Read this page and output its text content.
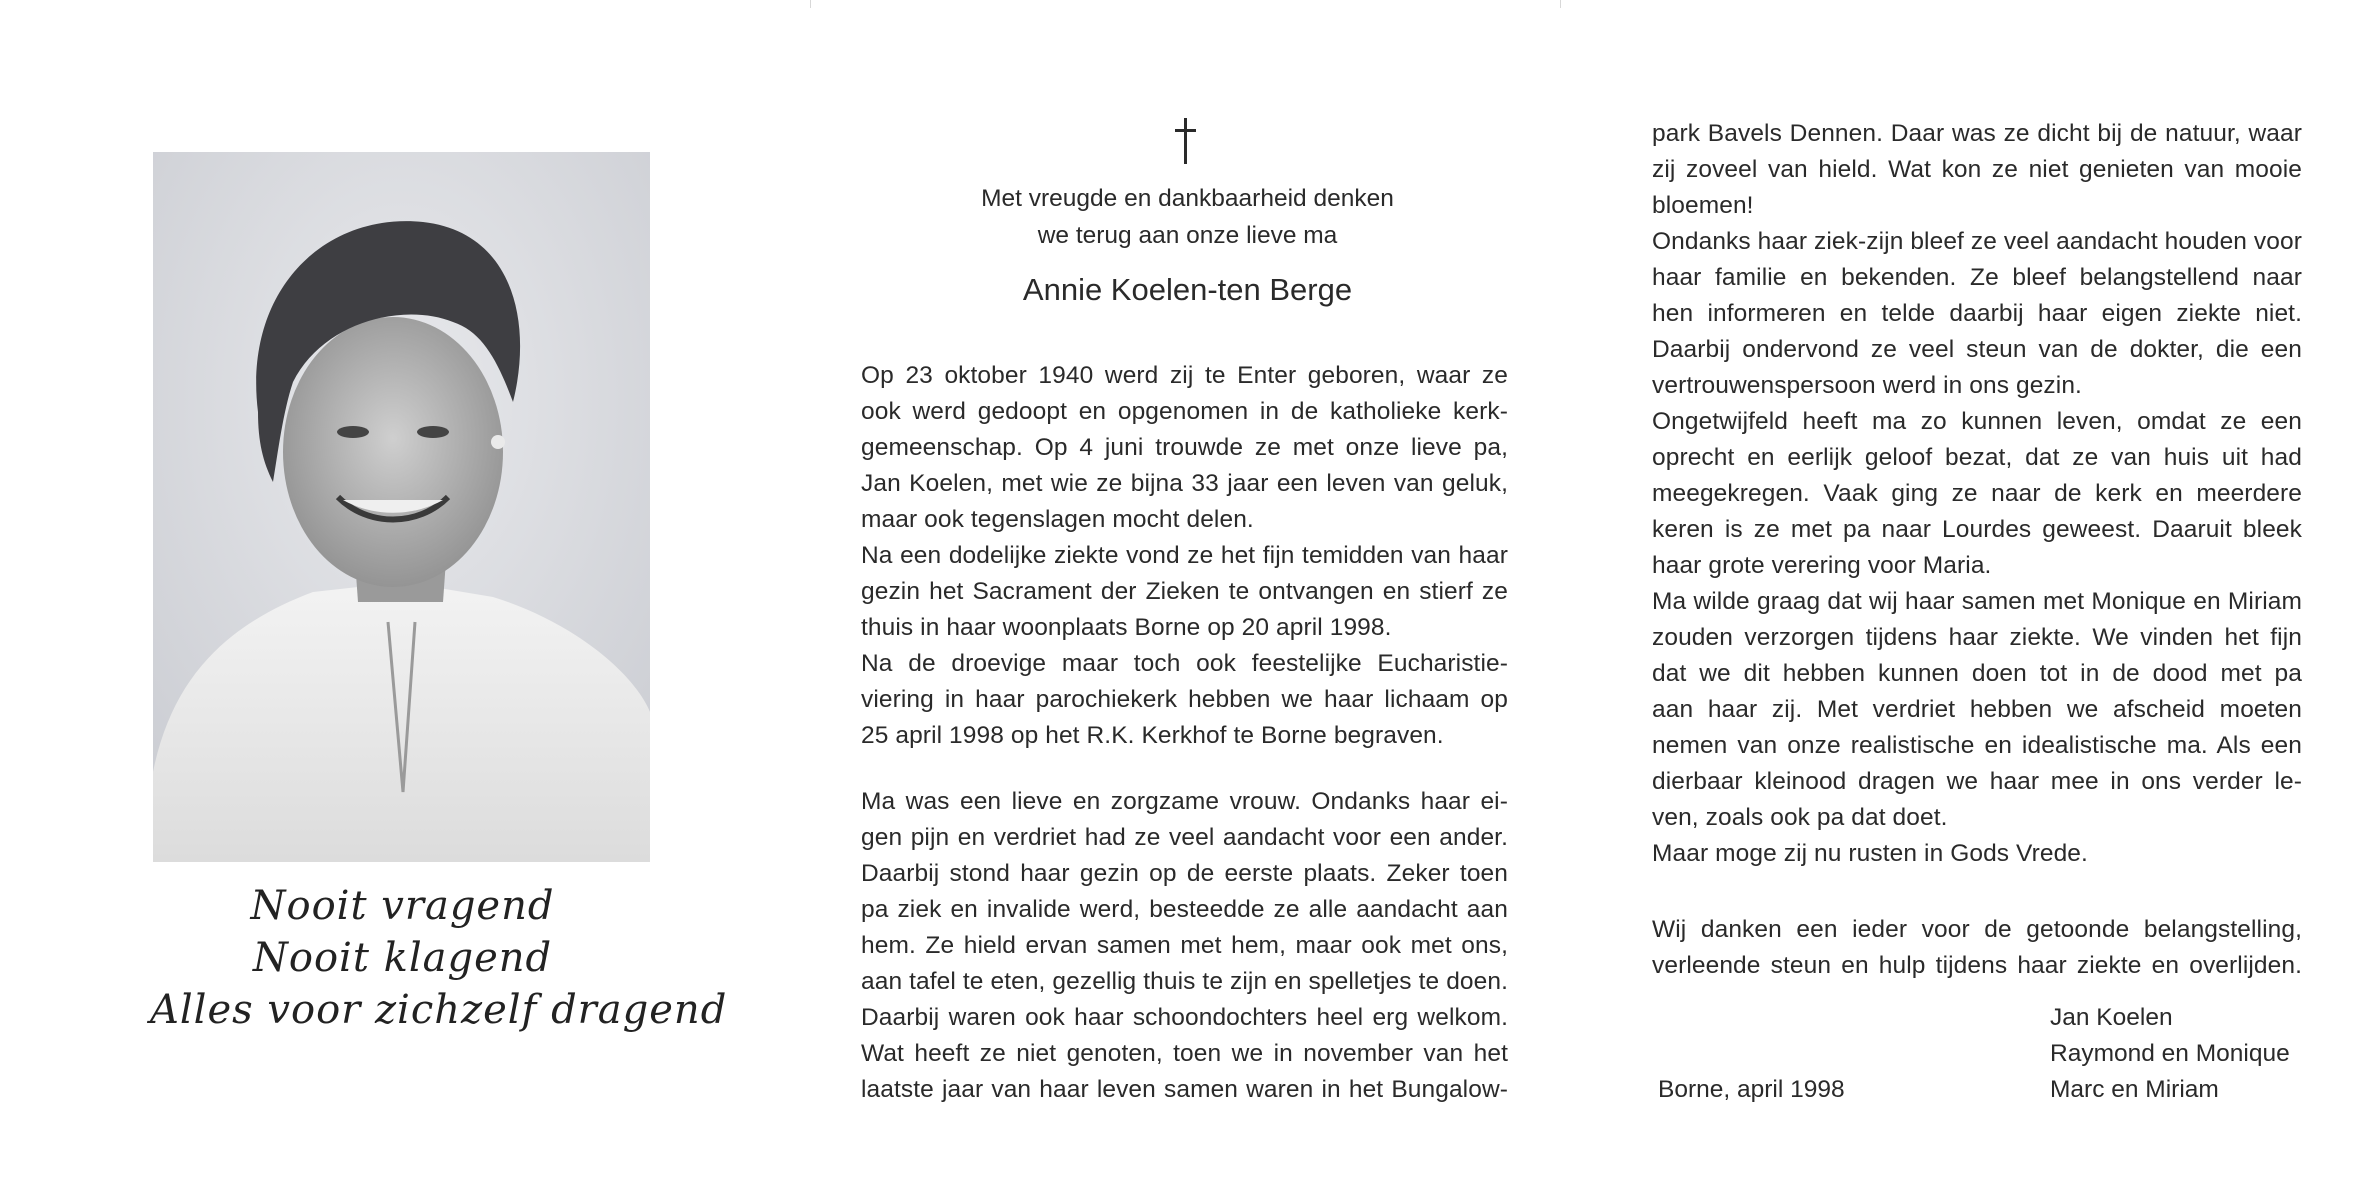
Nooit vragend
Nooit klagend
Alles voor zichzelf dragend
Met vreugde en dankbaarheid denken
we terug aan onze lieve ma
Annie Koelen-ten Berge
Op 23 oktober 1940 werd zij te Enter geboren, waar ze
ook werd gedoopt en opgenomen in de katholieke kerk-
gemeenschap. Op 4 juni trouwde ze met onze lieve pa,
Jan Koelen, met wie ze bijna 33 jaar een leven van geluk,
maar ook tegenslagen mocht delen.
Na een dodelijke ziekte vond ze het fijn temidden van haar
gezin het Sacrament der Zieken te ontvangen en stierf ze
thuis in haar woonplaats Borne op 20 april 1998.
Na de droevige maar toch ook feestelijke Eucharistie-
viering in haar parochiekerk hebben we haar lichaam op
25 april 1998 op het R.K. Kerkhof te Borne begraven.
Ma was een lieve en zorgzame vrouw. Ondanks haar ei-
gen pijn en verdriet had ze veel aandacht voor een ander.
Daarbij stond haar gezin op de eerste plaats. Zeker toen
pa ziek en invalide werd, besteedde ze alle aandacht aan
hem. Ze hield ervan samen met hem, maar ook met ons,
aan tafel te eten, gezellig thuis te zijn en spelletjes te doen.
Daarbij waren ook haar schoondochters heel erg welkom.
Wat heeft ze niet genoten, toen we in november van het
laatste jaar van haar leven samen waren in het Bungalow-
park Bavels Dennen. Daar was ze dicht bij de natuur, waar
zij zoveel van hield. Wat kon ze niet genieten van mooie
bloemen!
Ondanks haar ziek-zijn bleef ze veel aandacht houden voor
haar familie en bekenden. Ze bleef belangstellend naar
hen informeren en telde daarbij haar eigen ziekte niet.
Daarbij ondervond ze veel steun van de dokter, die een
vertrouwenspersoon werd in ons gezin.
Ongetwijfeld heeft ma zo kunnen leven, omdat ze een
oprecht en eerlijk geloof bezat, dat ze van huis uit had
meegekregen. Vaak ging ze naar de kerk en meerdere
keren is ze met pa naar Lourdes geweest. Daaruit bleek
haar grote verering voor Maria.
Ma wilde graag dat wij haar samen met Monique en Miriam
zouden verzorgen tijdens haar ziekte. We vinden het fijn
dat we dit hebben kunnen doen tot in de dood met pa
aan haar zij. Met verdriet hebben we afscheid moeten
nemen van onze realistische en idealistische ma. Als een
dierbaar kleinood dragen we haar mee in ons verder le-
ven, zoals ook pa dat doet.
Maar moge zij nu rusten in Gods Vrede.
Wij danken een ieder voor de getoonde belangstelling,
verleende steun en hulp tijdens haar ziekte en overlijden.
Jan Koelen
Raymond en Monique
Marc en Miriam
Borne, april 1998
